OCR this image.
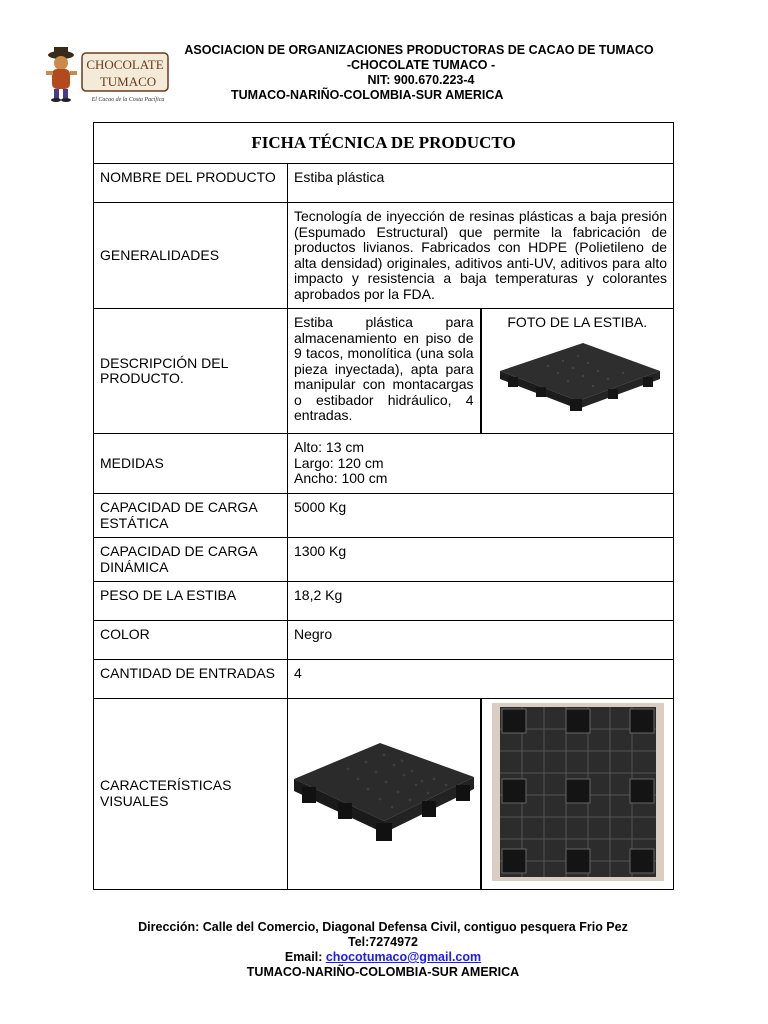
CHOCOLATE
TUMACO
El Cacao de la Costa Pacífica
ASOCIACION DE ORGANIZACIONES PRODUCTORAS DE CACAO DE TUMACO
-CHOCOLATE TUMACO -
NIT: 900.670.223-4
TUMACO-NARIÑO-COLOMBIA-SUR AMERICA
FICHA TÉCNICA DE PRODUCTO		
NOMBRE DEL PRODUCTO	Estiba plástica	
GENERALIDADES	Tecnología de inyección de resinas plásticas a baja presión (Espumado Estructural) que permite la fabricación de productos livianos. Fabricados con HDPE (Polietileno de alta densidad) originales, aditivos anti-UV, aditivos para alto impacto y resistencia a baja temperaturas y colorantes aprobados por la FDA.	
DESCRIPCIÓN DEL PRODUCTO.	Estiba plástica para almacenamiento en piso de 9 tacos, monolítica (una sola pieza inyectada), apta para manipular con montacargas o estibador hidráulico, 4 entradas.	FOTO DE LA ESTIBA.

MEDIDAS	Alto: 13 cm
Largo: 120 cm
Ancho: 100 cm	

CAPACIDAD DE CARGA ESTÁTICA	5000 Kg	
CAPACIDAD DE CARGA DINÁMICA	1300 Kg	
PESO DE LA ESTIBA	18,2 Kg	
COLOR	Negro	
CANTIDAD DE ENTRADAS	4	
CARACTERÍSTICAS VISUALES		
Dirección: Calle del Comercio, Diagonal Defensa Civil, contiguo pesquera Frio Pez
Tel:7274972
Email: chocotumaco@gmail.com
TUMACO-NARIÑO-COLOMBIA-SUR AMERICA
